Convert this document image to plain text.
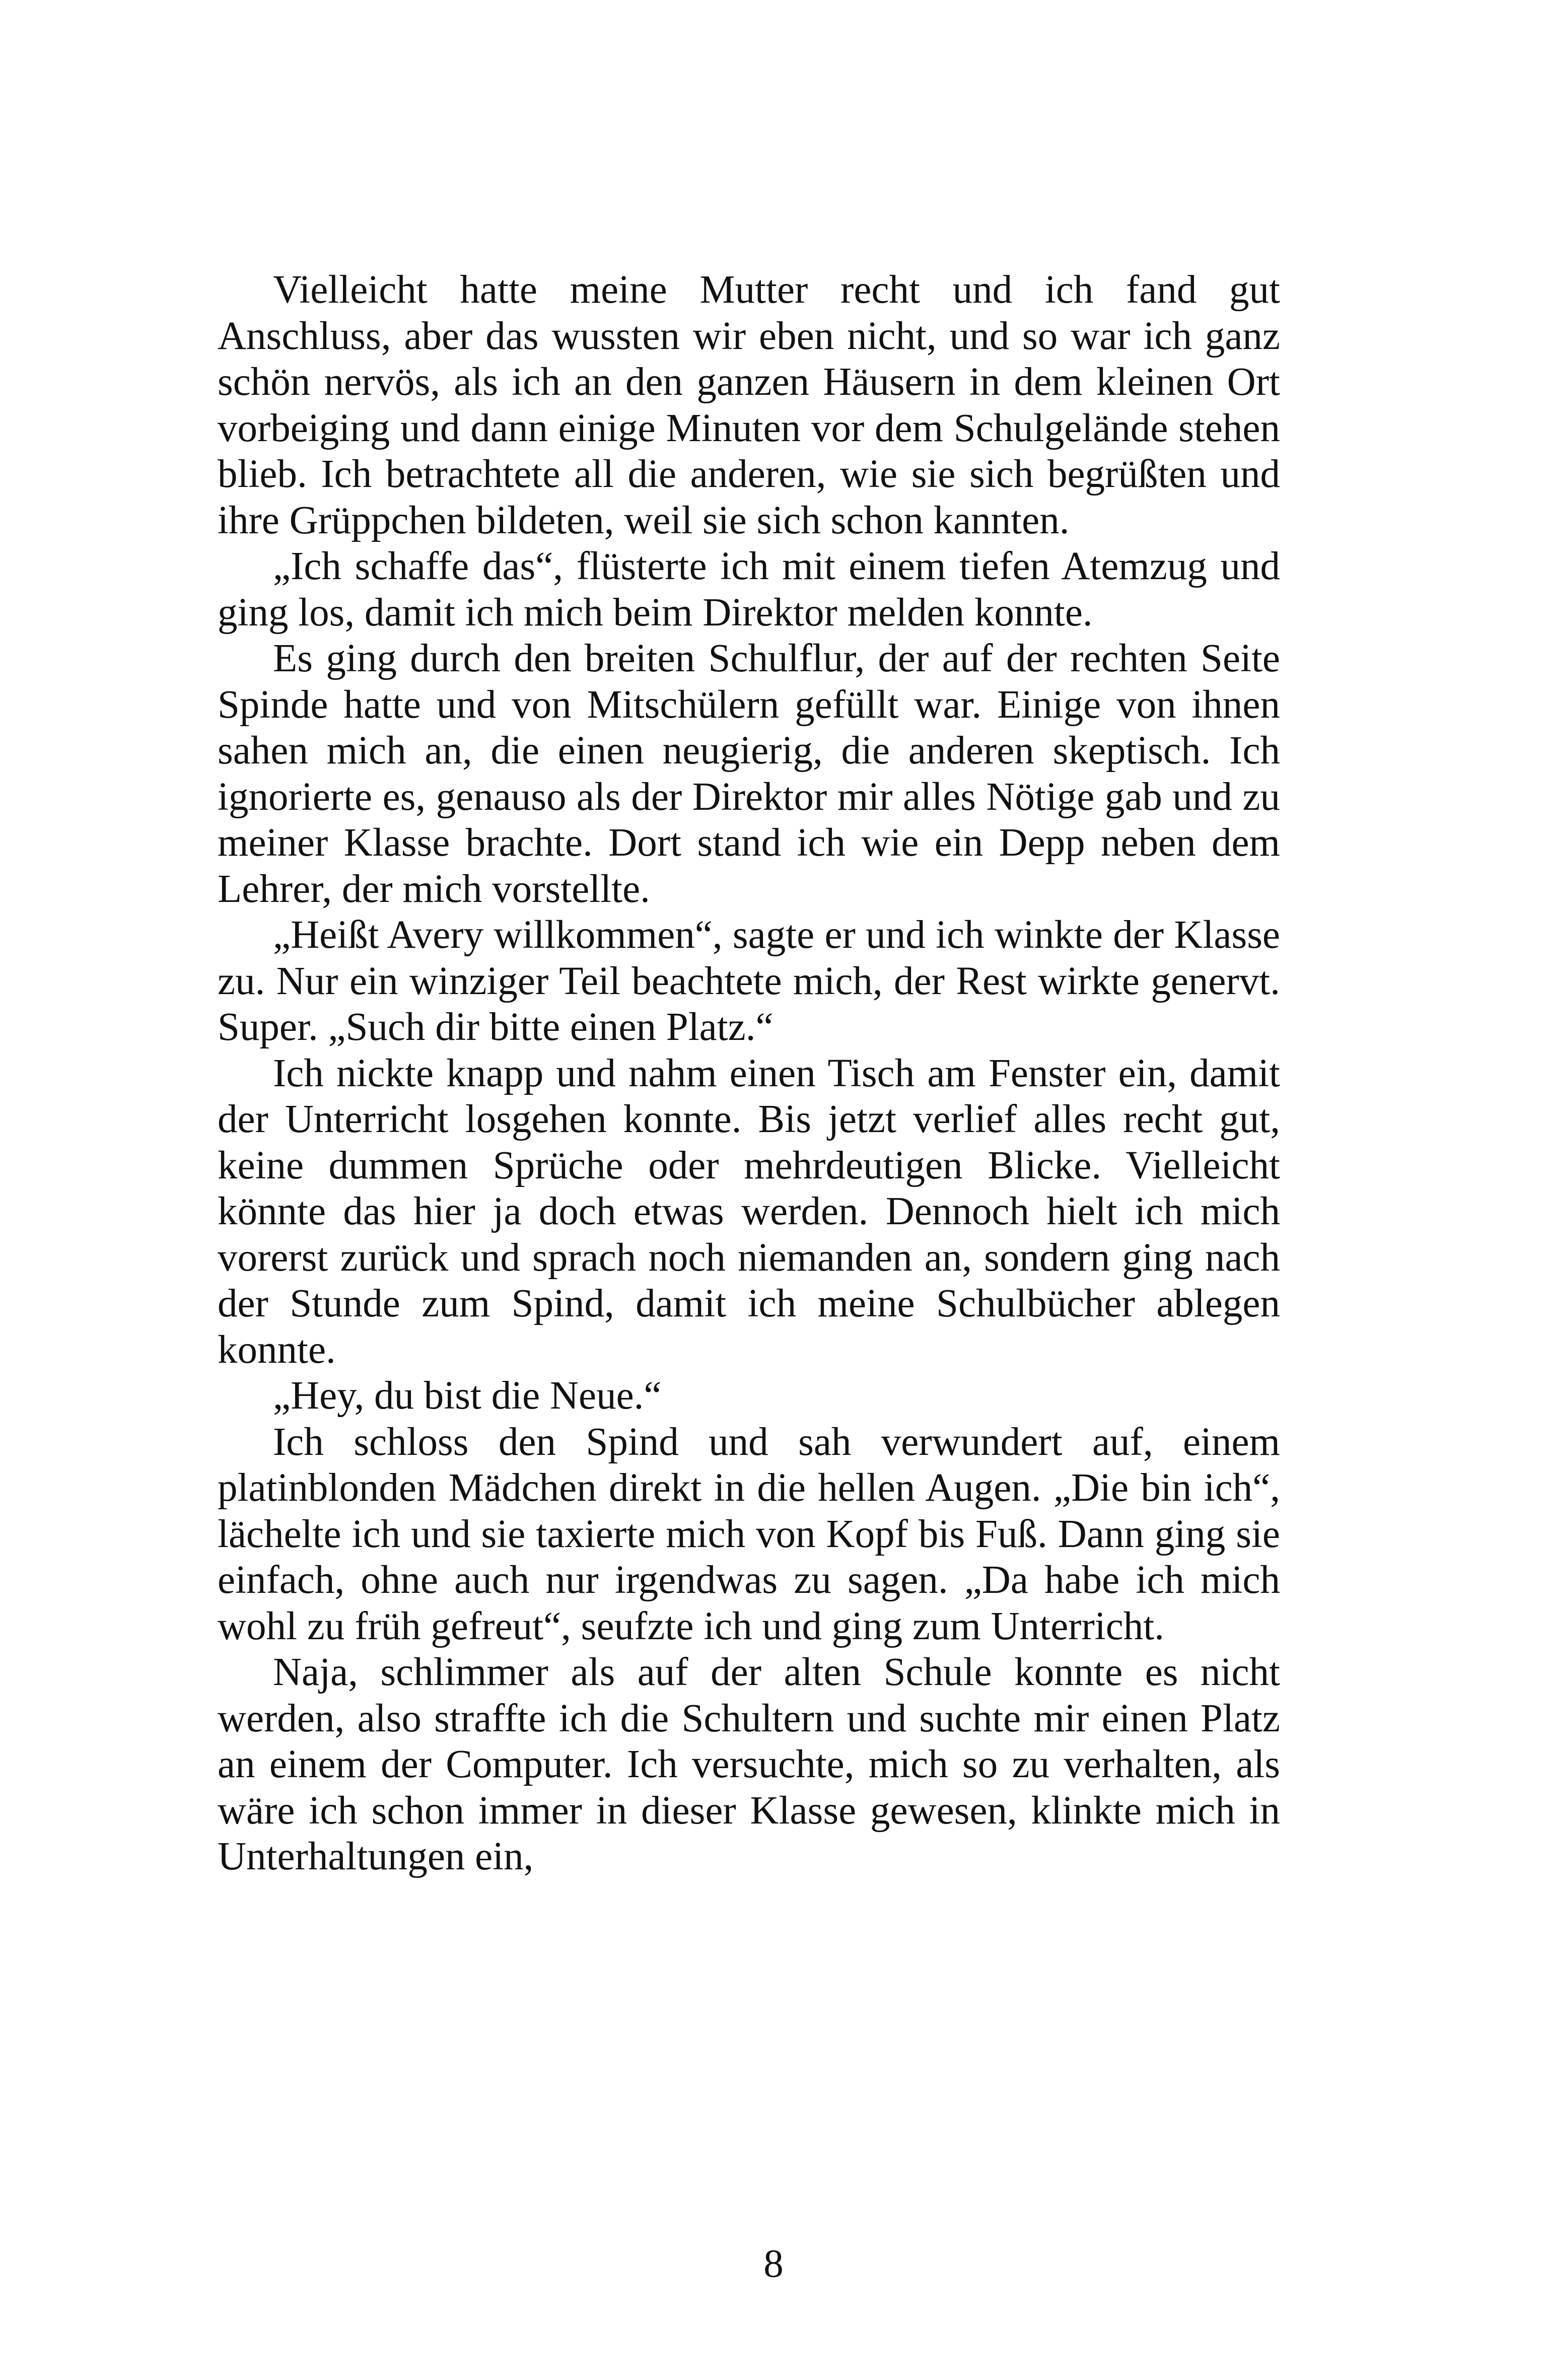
Vielleicht hatte meine Mutter recht und ich fand gut Anschluss, aber das wussten wir eben nicht, und so war ich ganz schön nervös, als ich an den ganzen Häusern in dem kleinen Ort vorbeiging und dann einige Minuten vor dem Schulgelände stehen blieb. Ich betrachtete all die anderen, wie sie sich begrüßten und ihre Grüppchen bildeten, weil sie sich schon kannten.

„Ich schaffe das“, flüsterte ich mit einem tiefen Atemzug und ging los, damit ich mich beim Direktor melden konnte.

Es ging durch den breiten Schulflur, der auf der rechten Seite Spinde hatte und von Mitschülern gefüllt war. Einige von ihnen sahen mich an, die einen neugierig, die anderen skeptisch. Ich ignorierte es, genauso als der Direktor mir alles Nötige gab und zu meiner Klasse brachte. Dort stand ich wie ein Depp neben dem Lehrer, der mich vorstellte.

„Heißt Avery willkommen“, sagte er und ich winkte der Klasse zu. Nur ein winziger Teil beachtete mich, der Rest wirkte genervt. Super. „Such dir bitte einen Platz.“

Ich nickte knapp und nahm einen Tisch am Fenster ein, damit der Unterricht losgehen konnte. Bis jetzt verlief alles recht gut, keine dummen Sprüche oder mehrdeutigen Blicke. Vielleicht könnte das hier ja doch etwas werden. Dennoch hielt ich mich vorerst zurück und sprach noch niemanden an, sondern ging nach der Stunde zum Spind, damit ich meine Schulbücher ablegen konnte.

„Hey, du bist die Neue.“

Ich schloss den Spind und sah verwundert auf, einem platinblonden Mädchen direkt in die hellen Augen. „Die bin ich“, lächelte ich und sie taxierte mich von Kopf bis Fuß. Dann ging sie einfach, ohne auch nur irgendwas zu sagen. „Da habe ich mich wohl zu früh gefreut“, seufzte ich und ging zum Unterricht.

Naja, schlimmer als auf der alten Schule konnte es nicht werden, also straffte ich die Schultern und suchte mir einen Platz an einem der Computer. Ich versuchte, mich so zu verhalten, als wäre ich schon immer in dieser Klasse gewesen, klinkte mich in Unterhaltungen ein,

8
